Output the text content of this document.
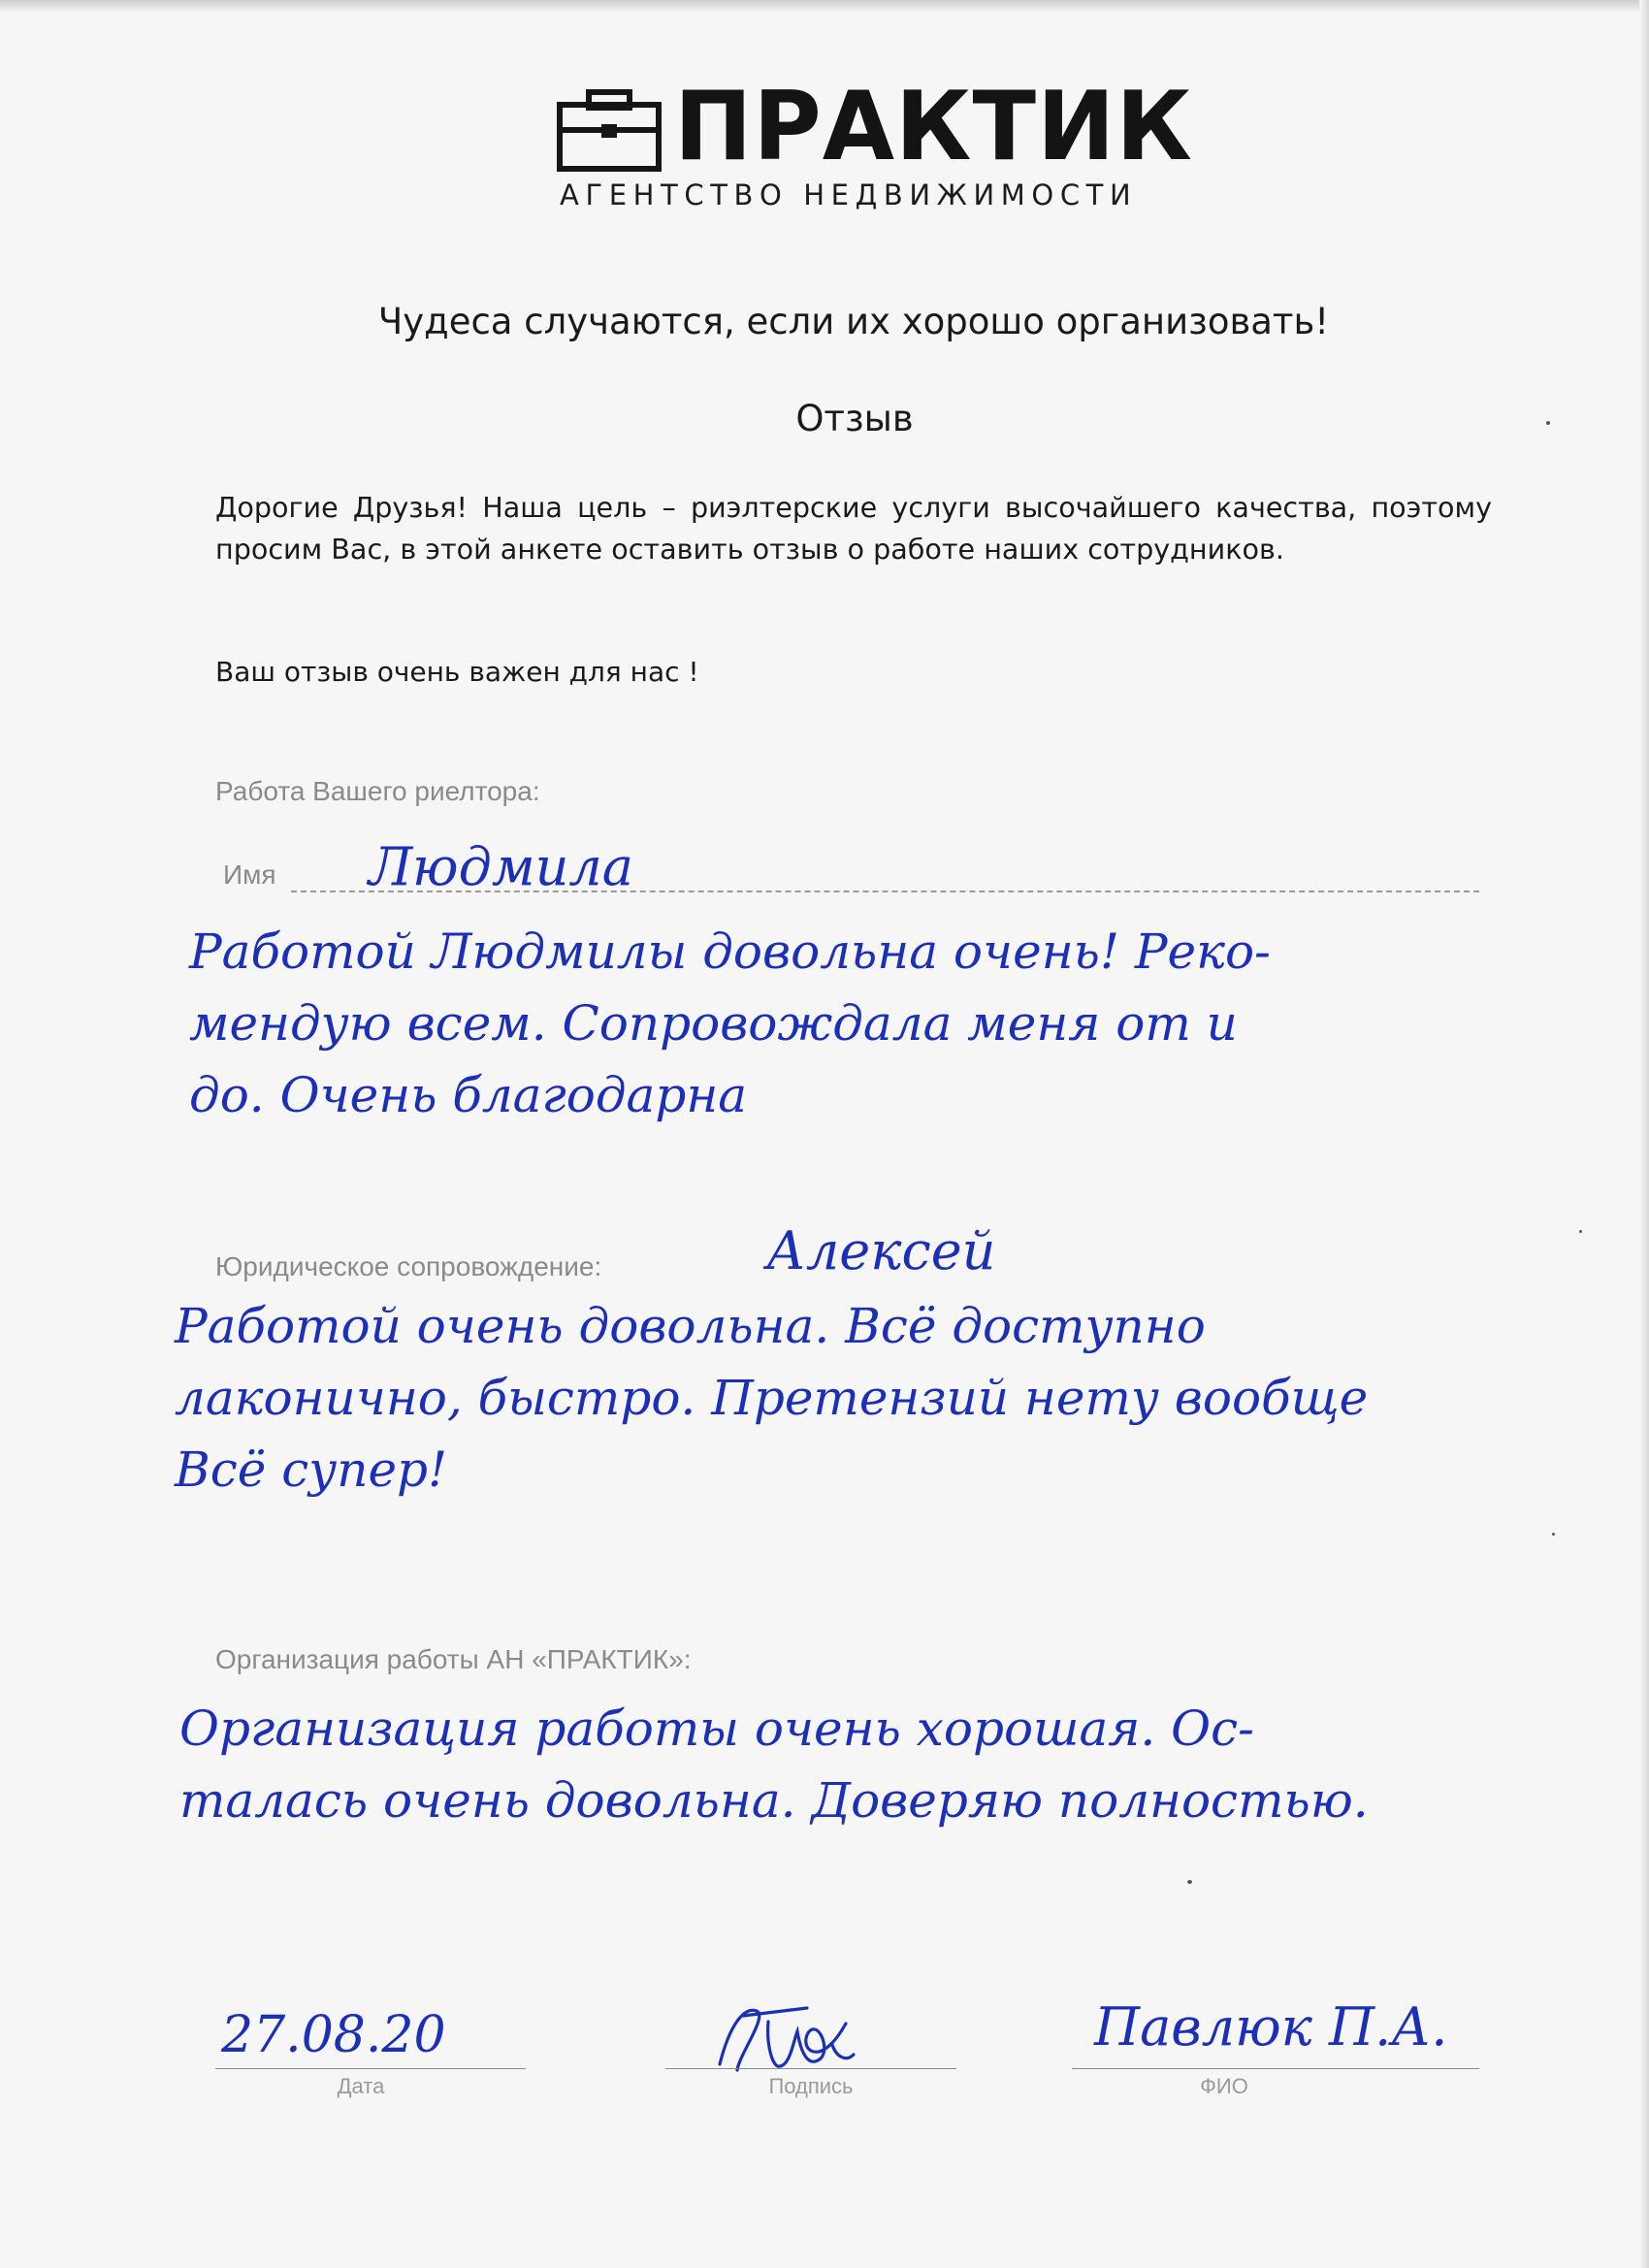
ПРАКТИК
АГЕНТСТВО НЕДВИЖИМОСТИ
Чудеса случаются, если их хорошо организовать!
Отзыв
Дорогие Друзья! Наша цель – риэлтерские услуги высочайшего качества, поэтому просим Вас, в этой анкете оставить отзыв о работе наших сотрудников.
Ваш отзыв очень важен для нас !
Работа Вашего риелтора:
Имя Людмила
Работой Людмилы довольна очень! Реко-
мендую всем. Сопровождала меня от и
до. Очень благодарна
Юридическое сопровождение:	Алексей
Работой очень довольна. Всё доступно
лаконично, быстро. Претензий нету вообще
Всё супер!
Организация работы АН «ПРАКТИК»:
Организация работы очень хорошая. Ос-
талась очень довольна. Доверяю полностью.
27.08.20
Дата	Подпись
Павлюк П.А.
ФИО
